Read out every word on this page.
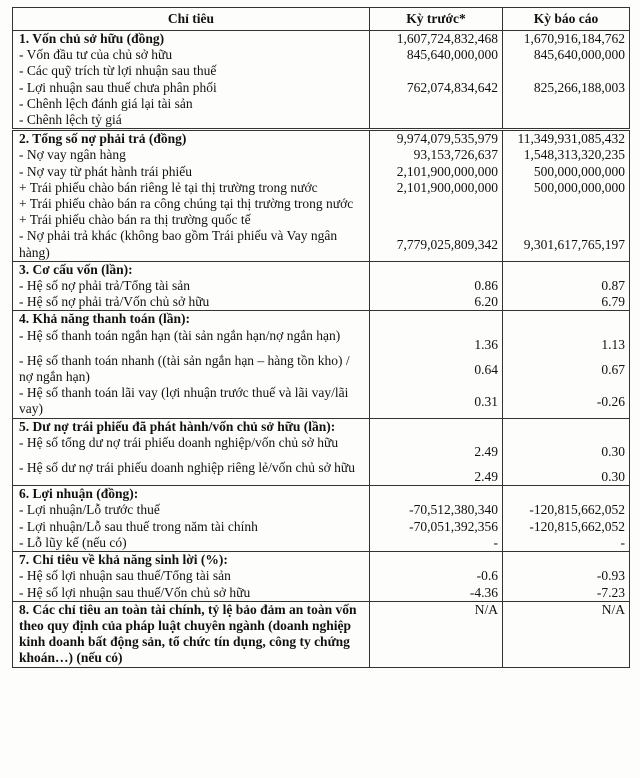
Chỉ tiêu	Kỳ trước*	Kỳ báo cáo
1. Vốn chủ sở hữu (đồng)	1,607,724,832,468	1,670,916,184,762
- Vốn đầu tư của chủ sở hữu	845,640,000,000	845,640,000,000
- Các quỹ trích từ lợi nhuận sau thuế		
- Lợi nhuận sau thuế chưa phân phối	762,074,834,642	825,266,188,003
- Chênh lệch đánh giá lại tài sản		
- Chênh lệch tỷ giá		
2. Tổng số nợ phải trả (đồng)	9,974,079,535,979	11,349,931,085,432
- Nợ vay ngân hàng	93,153,726,637	1,548,313,320,235
- Nợ vay từ phát hành trái phiếu	2,101,900,000,000	500,000,000,000
+ Trái phiếu chào bán riêng lẻ tại thị trường trong nước	2,101,900,000,000	500,000,000,000
+ Trái phiếu chào bán ra công chúng tại thị trường trong nước		
+ Trái phiếu chào bán ra thị trường quốc tế		
- Nợ phải trả khác (không bao gồm Trái phiếu và Vay ngân hàng)	7,779,025,809,342	9,301,617,765,197
3. Cơ cấu vốn (lần):		
- Hệ số nợ phải trả/Tổng tài sản	0.86	0.87
- Hệ số nợ phải trả/Vốn chủ sở hữu	6.20	6.79
4. Khả năng thanh toán (lần):		
- Hệ số thanh toán ngắn hạn (tài sản ngắn hạn/nợ ngắn hạn)	1.36	1.13
- Hệ số thanh toán nhanh ((tài sản ngắn hạn – hàng tồn kho) / nợ ngắn hạn)	0.64	0.67
- Hệ số thanh toán lãi vay (lợi nhuận trước thuế và lãi vay/lãi vay)	0.31	-0.26
5. Dư nợ trái phiếu đã phát hành/vốn chủ sở hữu (lần):		
- Hệ số tổng dư nợ trái phiếu doanh nghiệp/vốn chủ sở hữu	2.49	0.30
- Hệ số dư nợ trái phiếu doanh nghiệp riêng lẻ/vốn chủ sở hữu	2.49	0.30
6. Lợi nhuận (đồng):		
- Lợi nhuận/Lỗ trước thuế	-70,512,380,340	-120,815,662,052
- Lợi nhuận/Lỗ sau thuế trong năm tài chính	-70,051,392,356	-120,815,662,052
- Lỗ lũy kế (nếu có)	-	-
7. Chỉ tiêu về khả năng sinh lời (%):		
- Hệ số lợi nhuận sau thuế/Tổng tài sản	-0.6	-0.93
- Hệ số lợi nhuận sau thuế/Vốn chủ sở hữu	-4.36	-7.23
8. Các chỉ tiêu an toàn tài chính, tỷ lệ bảo đảm an toàn vốn theo quy định của pháp luật chuyên ngành (doanh nghiệp kinh doanh bất động sản, tổ chức tín dụng, công ty chứng khoán…) (nếu có)	N/A	N/A
